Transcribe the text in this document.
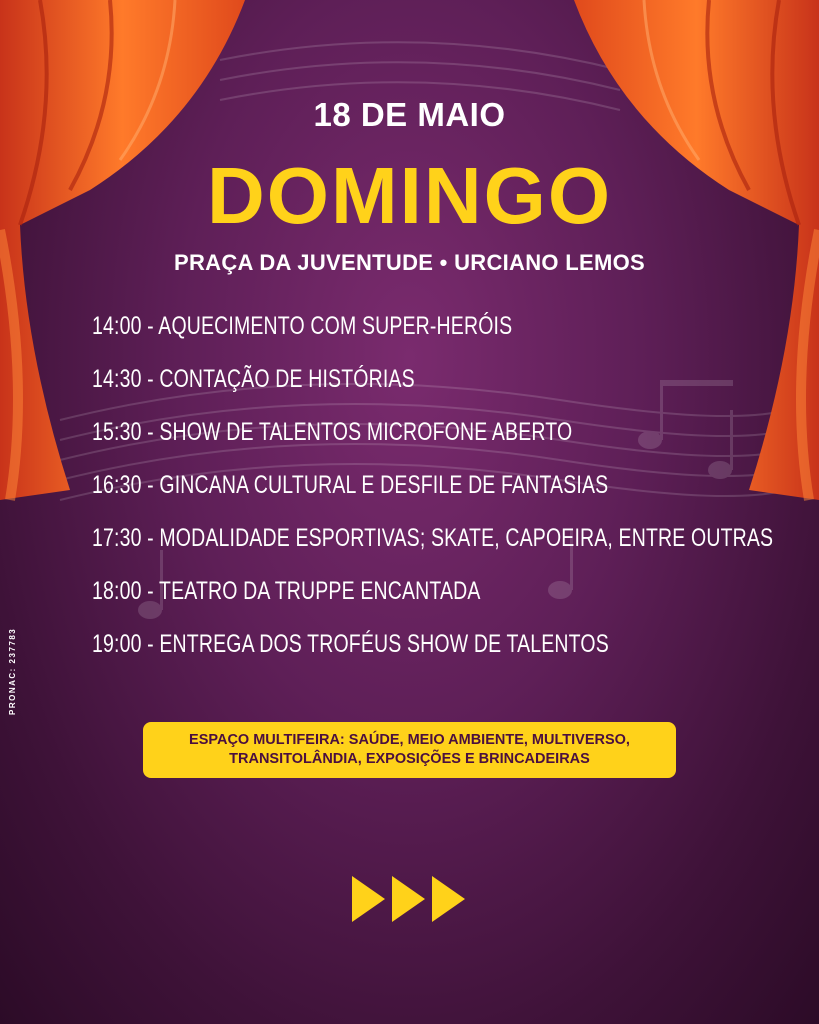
18 DE MAIO
DOMINGO
PRAÇA DA JUVENTUDE • URCIANO LEMOS
14:00 - AQUECIMENTO COM SUPER-HERÓIS
14:30 - CONTAÇÃO DE HISTÓRIAS
15:30 - SHOW DE TALENTOS MICROFONE ABERTO
16:30 - GINCANA CULTURAL E DESFILE DE FANTASIAS
17:30 - MODALIDADE ESPORTIVAS; SKATE, CAPOEIRA, ENTRE OUTRAS
18:00 - TEATRO DA TRUPPE ENCANTADA
19:00 - ENTREGA DOS TROFÉUS SHOW DE TALENTOS
ESPAÇO MULTIFEIRA: SAÚDE, MEIO AMBIENTE, MULTIVERSO,
TRANSITOLÂNDIA, EXPOSIÇÕES E BRINCADEIRAS
PRONAC: 237783
